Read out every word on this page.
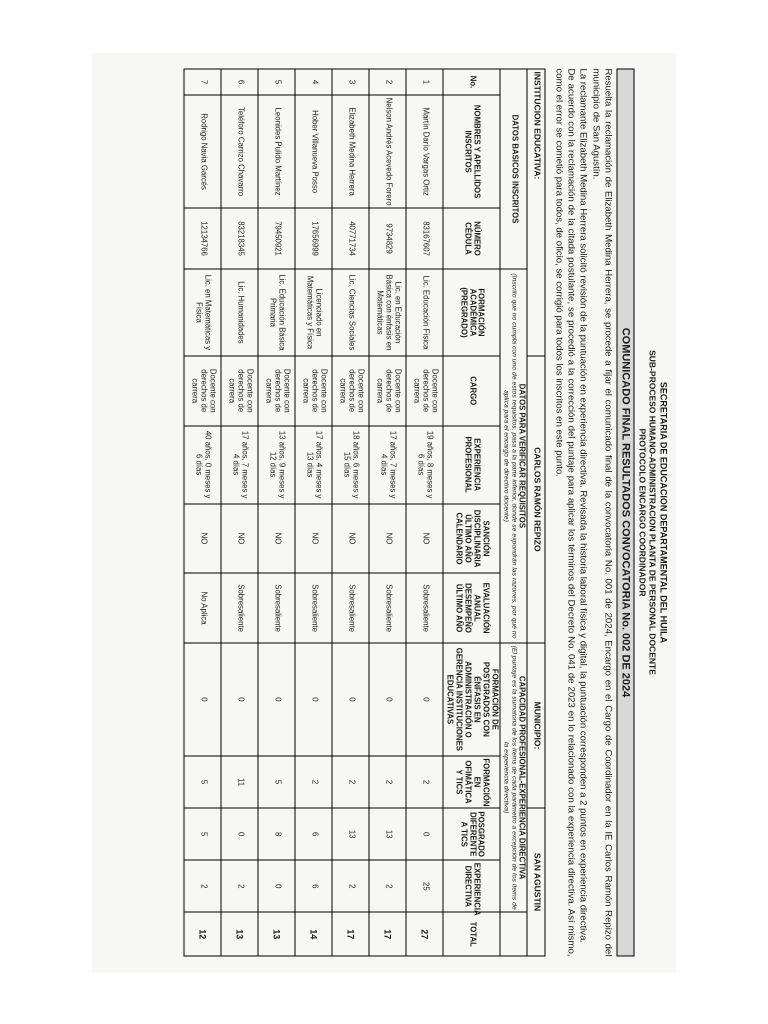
SECRETARIA DE EDUCACION DEPARTAMENTAL DEL HUILA
SUB-PROCESO HUMANO-ADMINISTRACION PLANTA DE PERSONAL DOCENTE
PROTOCOLO ENCARGO COORDINADOR
COMUNICADO FINAL RESULTADOS CONVOCATORIA No. 002 DE 2024

Resuelta la reclamación de Elizabeth Medina Herrera, se procede a fijar el comunicado final de la convocatoria No. 001 de 2024, Encargo en el Cargo de Coordinador en la IE Carlos Ramón Repizo del municipio de San Agustín.

La reclamante Elizabeth Medina Herrera solicitó revisión de la puntuación en experiencia directiva. Revisada la historia laboral física y digital, la puntuación corresponden a 2 puntos en experiencia directiva.

De acuerdo con la reclamación de la citada postulante, se procedió a la corrección del puntaje para aplicar los términos del Decreto No. 041 de 2023 en lo relacionado con la experiencia directiva. Así mismo, como el error se cometió para todos, de oficio, se corrigió para todos los inscritos en este punto.

INSTITUCION EDUCATIVA:				CARLOS RAMÓN REPIZO				MUNICIPIO:		SAN AGUSTIN		
DATOS BASICOS INSCRITOS			DATOS PARA VERIFICAR REQUISITOS
(Inscrito que no cumpla con uno de estos requisitos, pasa a la parte inferior, donde se expondrán las razones, por qué no aplica para el encargo de directivo docente)					CAPACIDAD PROFESIONAL-EXPERIENCIA DIRECTIVA
(El puntaje es la sumatoria de los ítems de cada parámetro a excepción de los ítems de la experiencia directiva)				

No.	NOMBRES Y APELLIDOS INSCRITOS	NÚMERO CÉDULA	FORMACIÓN ACADÉMICA (PREGRADO)	CARGO	EXPERIENCIA PROFESIONAL	SANCIÓN DISCIPLINARIA ÚLTIMO AÑO CALENDARIO	EVALUACIÓN ANUAL DESEMPEÑO ÚLTIMO AÑO	FORMACIÓN DE POSTGRADOS CON ÉNFASIS EN ADMINISTRACIÓN O GERENCIA INSTITUCIONES EDUCATIVAS	FORMACIÓN EN OFIMÁTICA Y TICS	POSGRADO DIFERENTE A TICS	EXPERIENCIA DIRECTIVA	TOTAL
1	Martín Darío Vargas Ortiz	83167607	Lic. Educación Física	Docente con derechos de carrera	19 años, 8 meses y 6 días	NO	Sobresaliente	0	2	0	25	27
2	Nelson Andrés Acevedo Forero	9734829	Lic. en Educación Básica con énfasis en Matemáticas	Docente con derechos de carrera	17 años, 7 meses y 4 días	NO	Sobresaliente	0	2	13	2	17
3	Elizabeth Medina Herrera	40771734	Lic. Ciencias Sociales	Docente con derechos de carrera	18 años, 6 meses y 15 días	NO	Sobresaliente	0	2	13	2	17
4	Hober Villanueva Posso	17656999	Licenciado en Matemáticas y Física	Docente con derechos de carrera	17 años, 4 meses y 13 días	NO	Sobresaliente	0	2	6	6	14
5	Leonides Pulido Martínez	79450921	Lic. Educación Básica Primaria	Docente con derechos de carrera	13 años, 9 meses y 12 días	NO	Sobresaliente	0	5	8	0	13
6	Teléforo Carrizo Chavarro	83218345	Lic. Humanidades	Docente con derechos de carrera	17 años, 7 meses y 4 días	NO	Sobresaliente	0	11	0	2	13
7	Rodrigo Navia Garcés	12134766	Lic. en Matemáticas y Física	Docente con derechos de carrera	40 años, 0 meses y 6 días	NO	No Aplica	0	5	5	2	12
